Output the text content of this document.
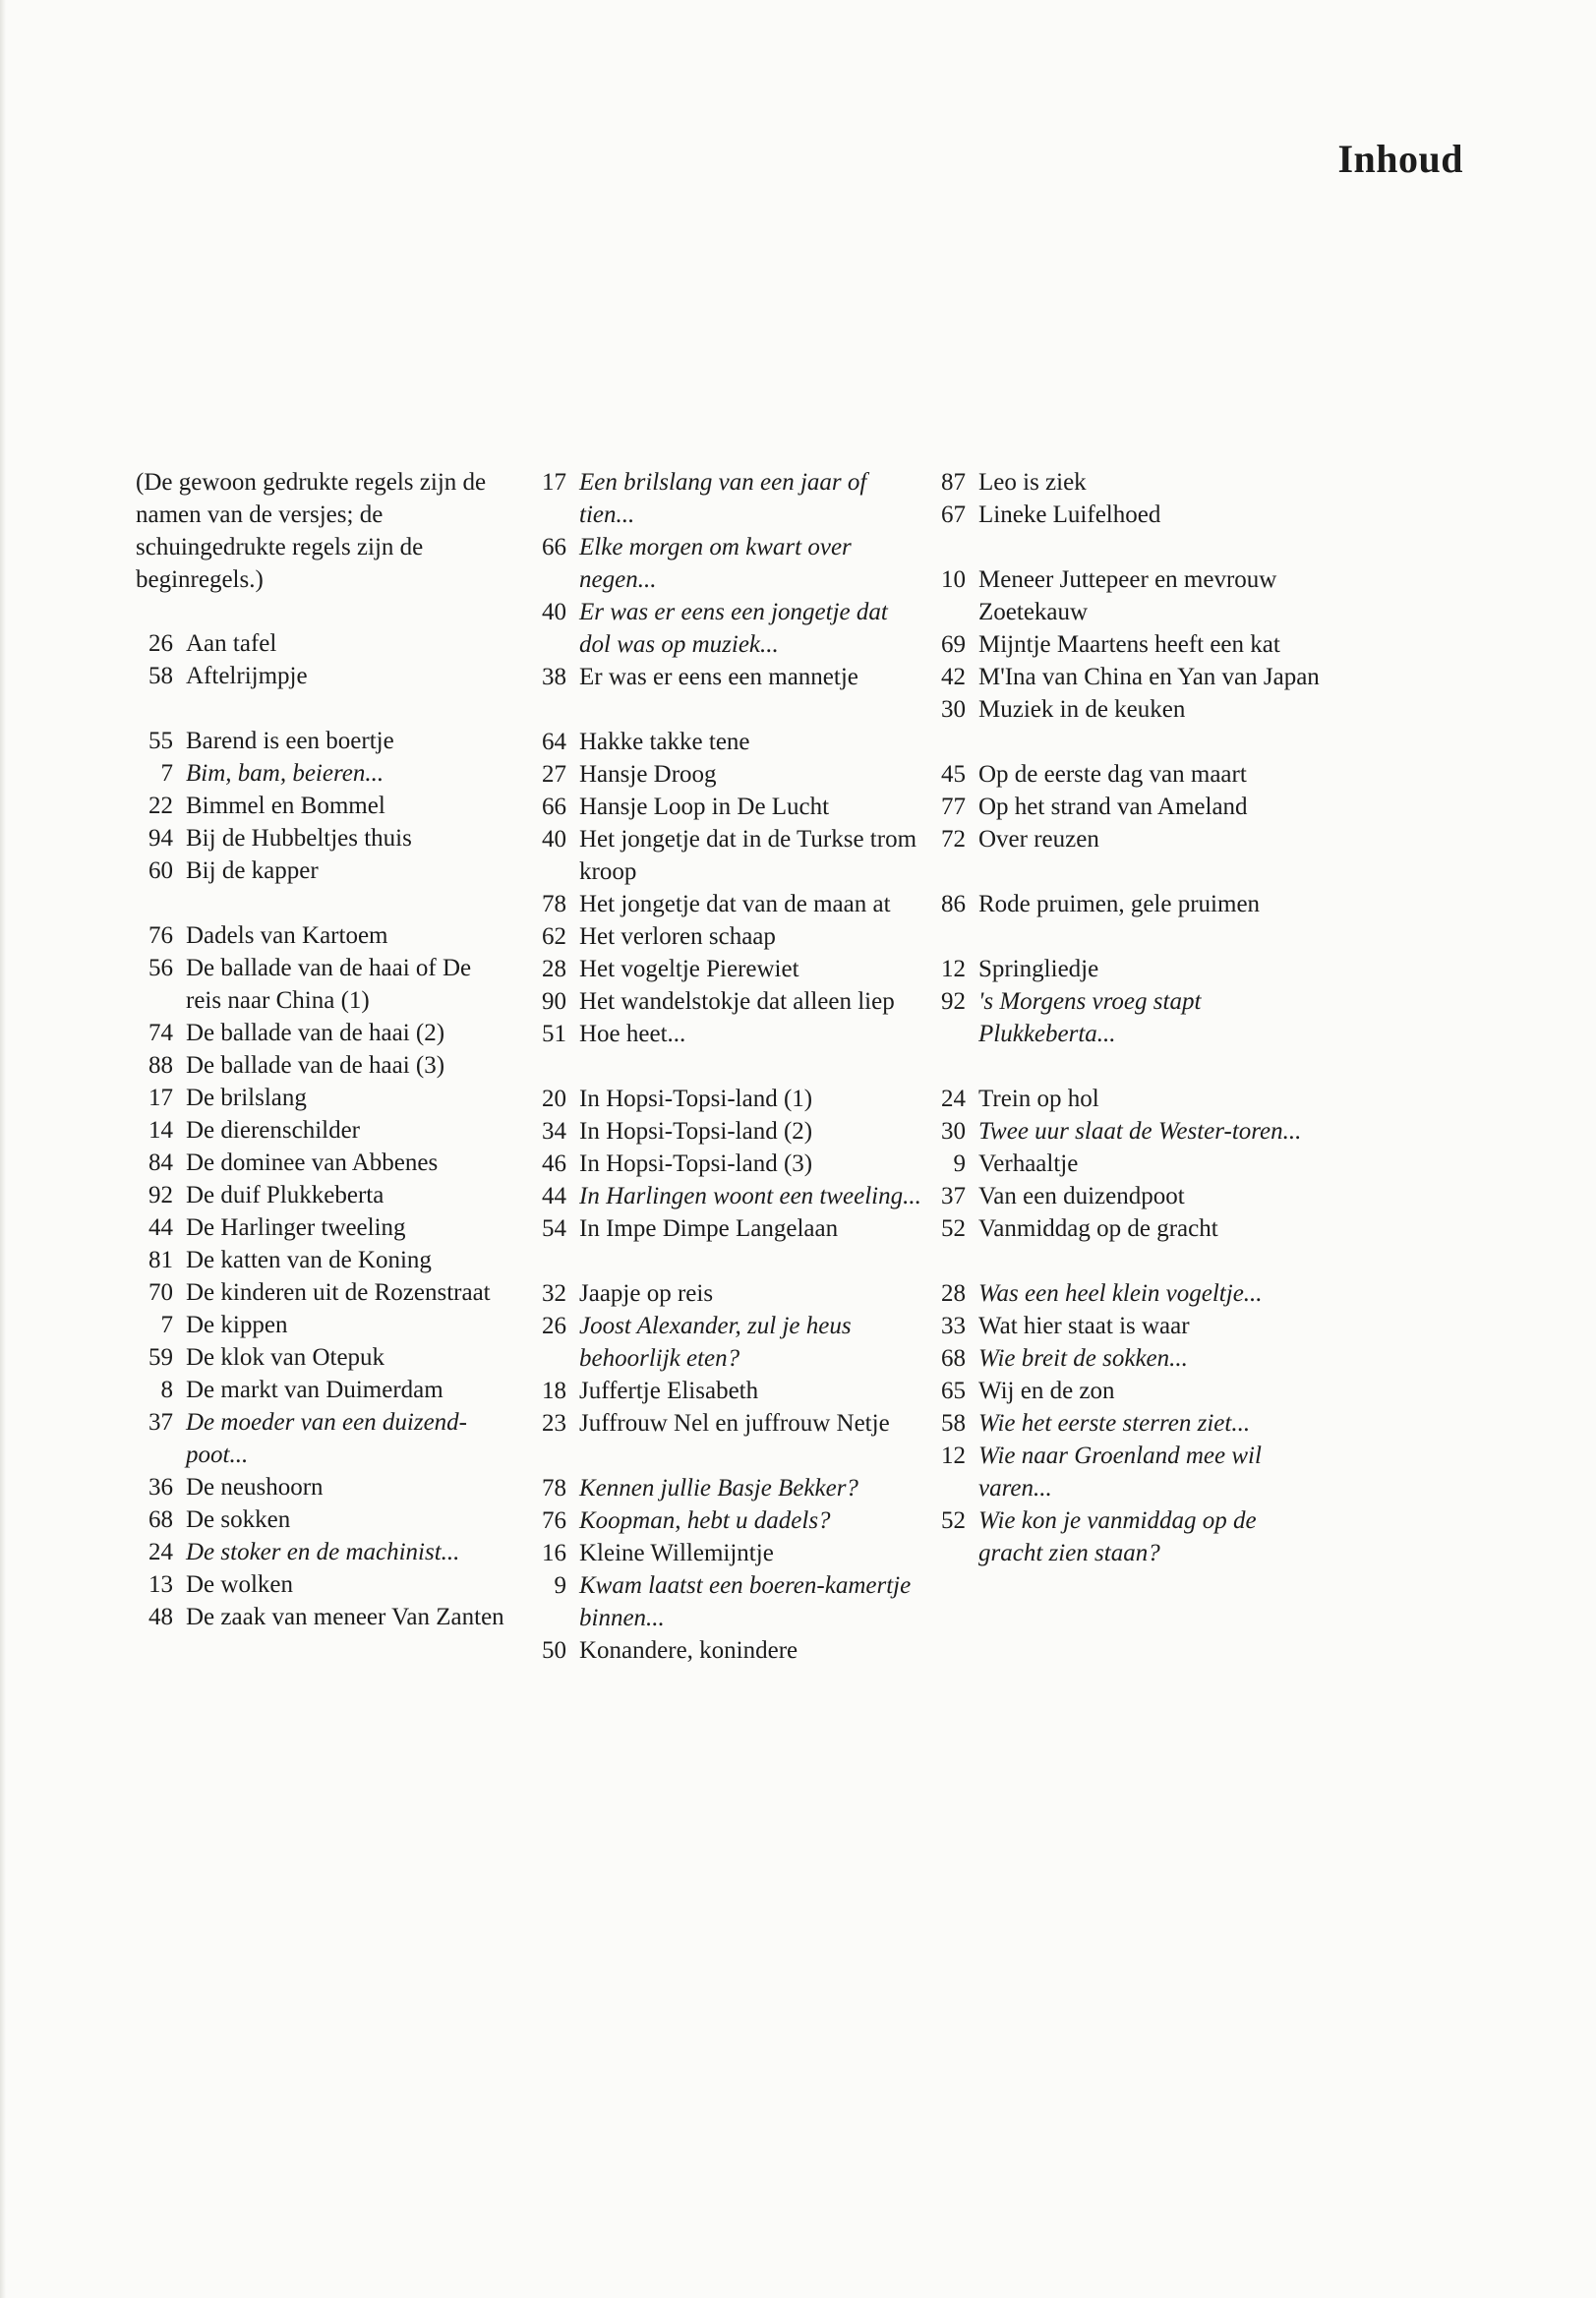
Inhoud
(De gewoon gedrukte regels zijn de namen van de versjes; de schuingedrukte regels zijn de beginregels.)
26 Aan tafel
58 Aftelrijmpje
55 Barend is een boertje
7 Bim, bam, beieren...
22 Bimmel en Bommel
94 Bij de Hubbeltjes thuis
60 Bij de kapper
76 Dadels van Kartoem
56 De ballade van de haai of De reis naar China (1)
74 De ballade van de haai (2)
88 De ballade van de haai (3)
17 De brilslang
14 De dierenschilder
84 De dominee van Abbenes
92 De duif Plukkeberta
44 De Harlinger tweeling
81 De katten van de Koning
70 De kinderen uit de Rozenstraat
7 De kippen
59 De klok van Otepuk
8 De markt van Duimerdam
37 De moeder van een duizend-poot...
36 De neushoorn
68 De sokken
24 De stoker en de machinist...
13 De wolken
48 De zaak van meneer Van Zanten
17 Een brilslang van een jaar of tien...
66 Elke morgen om kwart over negen...
40 Er was er eens een jongetje dat dol was op muziek...
38 Er was er eens een mannetje
64 Hakke takke tene
27 Hansje Droog
66 Hansje Loop in De Lucht
40 Het jongetje dat in de Turkse trom kroop
78 Het jongetje dat van de maan at
62 Het verloren schaap
28 Het vogeltje Pierewiet
90 Het wandelstokje dat alleen liep
51 Hoe heet...
20 In Hopsi-Topsi-land (1)
34 In Hopsi-Topsi-land (2)
46 In Hopsi-Topsi-land (3)
44 In Harlingen woont een tweeling...
54 In Impe Dimpe Langelaan
32 Jaapje op reis
26 Joost Alexander, zul je heus behoorlijk eten?
18 Juffertje Elisabeth
23 Juffrouw Nel en juffrouw Netje
78 Kennen jullie Basje Bekker?
76 Koopman, hebt u dadels?
16 Kleine Willemijntje
9 Kwam laatst een boeren-kamertje binnen...
50 Konandere, konindere
87 Leo is ziek
67 Lineke Luifelhoed
10 Meneer Juttepeer en mevrouw Zoetekauw
69 Mijntje Maartens heeft een kat
42 M'Ina van China en Yan van Japan
30 Muziek in de keuken
45 Op de eerste dag van maart
77 Op het strand van Ameland
72 Over reuzen
86 Rode pruimen, gele pruimen
12 Springliedje
92 's Morgens vroeg stapt Plukkeberta...
24 Trein op hol
30 Twee uur slaat de Wester-toren...
9 Verhaaltje
37 Van een duizendpoot
52 Vanmiddag op de gracht
28 Was een heel klein vogeltje...
33 Wat hier staat is waar
68 Wie breit de sokken...
65 Wij en de zon
58 Wie het eerste sterren ziet...
12 Wie naar Groenland mee wil varen...
52 Wie kon je vanmiddag op de gracht zien staan?
